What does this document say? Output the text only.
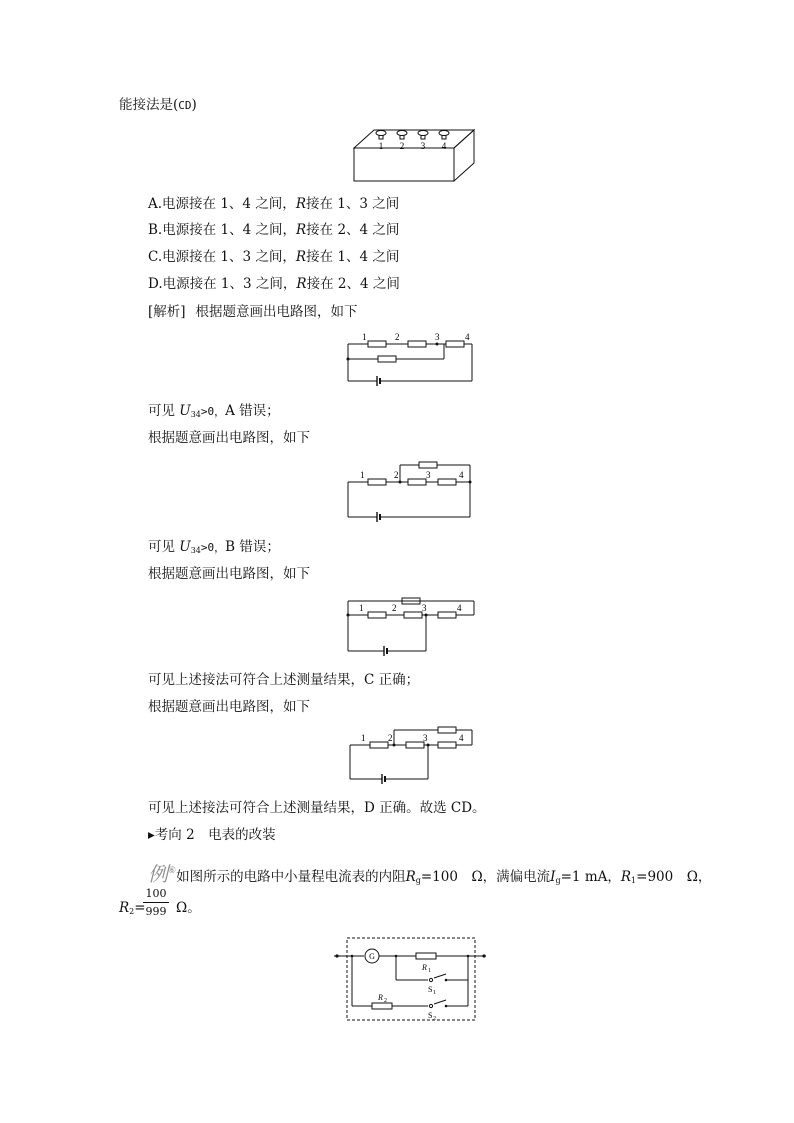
能接法是(CD)
1 2 3 4
A.电源接在 1、4 之间，R接在 1、3 之间
B.电源接在 1、4 之间，R接在 2、4 之间
C.电源接在 1、3 之间，R接在 1、4 之间
D.电源接在 1、3 之间，R接在 2、4 之间
[解析] 根据题意画出电路图，如下
1	2	3	4
可见 $U_{34}>0$，A 错误；
根据题意画出电路图，如下
1	2	3	4
可见 $U_{34}>0$，B 错误；
根据题意画出电路图，如下
1	2	3	4
可见上述接法可符合上述测量结果，C 正确；
根据题意画出电路图，如下
1	2	3	4
可见上述接法可符合上述测量结果，D 正确。故选 CD。
▸考向 2　电表的改装
例⑥如图所示的电路中小量程电流表的内阻$R_g=100$　Ω，满偏电流$I_g=1$ mA，$R_1=900$　Ω，
$R_2=$
100
999 Ω。
G
R 1
S 1
R 2
S 2
